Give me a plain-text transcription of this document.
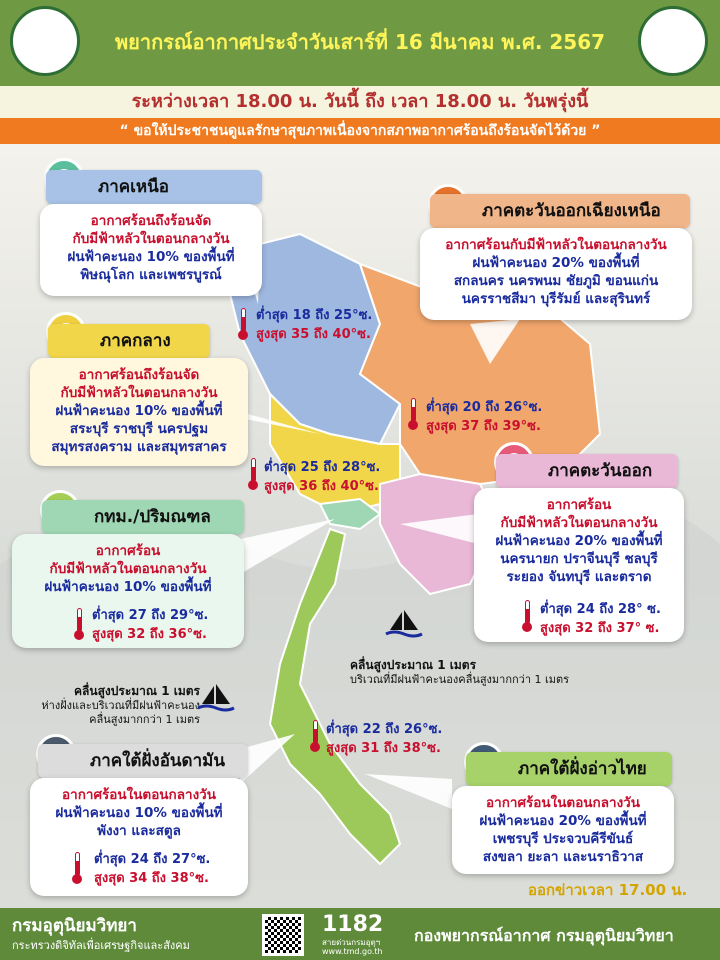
พยากรณ์อากาศประจำวันเสาร์ที่ 16 มีนาคม พ.ศ. 2567
ระหว่างเวลา 18.00 น. วันนี้ ถึง เวลา 18.00 น. วันพรุ่งนี้
“ ขอให้ประชาชนดูแลรักษาสุขภาพเนื่องจากสภาพอากาศร้อนถึงร้อนจัดไว้ด้วย ”
ภาคเหนือ
อากาศร้อนถึงร้อนจัด
กับมีฟ้าหลัวในตอนกลางวัน
ฝนฟ้าคะนอง 10% ของพื้นที่
พิษณุโลก และเพชรบูรณ์
ต่ำสุด 18 ถึง 25°ซ.
สูงสุด 35 ถึง 40°ซ.
ภาคตะวันออกเฉียงเหนือ
อากาศร้อนกับมีฟ้าหลัวในตอนกลางวัน
ฝนฟ้าคะนอง 20% ของพื้นที่
สกลนคร นครพนม ชัยภูมิ ขอนแก่น
นครราชสีมา บุรีรัมย์ และสุรินทร์
ต่ำสุด 20 ถึง 26°ซ.
สูงสุด 37 ถึง 39°ซ.
ภาคกลาง
อากาศร้อนถึงร้อนจัด
กับมีฟ้าหลัวในตอนกลางวัน
ฝนฟ้าคะนอง 10% ของพื้นที่
สระบุรี ราชบุรี นครปฐม
สมุทรสงคราม และสมุทรสาคร
ต่ำสุด 25 ถึง 28°ซ.
สูงสุด 36 ถึง 40°ซ.
ภาคตะวันออก
อากาศร้อน
กับมีฟ้าหลัวในตอนกลางวัน
ฝนฟ้าคะนอง 20% ของพื้นที่
นครนายก ปราจีนบุรี ชลบุรี
ระยอง จันทบุรี และตราด
ต่ำสุด 24 ถึง 28° ซ.
สูงสุด 32 ถึง 37° ซ.
กทม./ปริมณฑล
อากาศร้อน
กับมีฟ้าหลัวในตอนกลางวัน
ฝนฟ้าคะนอง 10% ของพื้นที่
ต่ำสุด 27 ถึง 29°ซ.
สูงสุด 32 ถึง 36°ซ.
คลื่นสูงประมาณ 1 เมตร
บริเวณที่มีฝนฟ้าคะนองคลื่นสูงมากกว่า 1 เมตร
คลื่นสูงประมาณ 1 เมตร
ห่างฝั่งและบริเวณที่มีฝนฟ้าคะนอง
คลื่นสูงมากกว่า 1 เมตร
ต่ำสุด 22 ถึง 26°ซ.
สูงสุด 31 ถึง 38°ซ.
ภาคใต้ฝั่งอันดามัน
อากาศร้อนในตอนกลางวัน
ฝนฟ้าคะนอง 10% ของพื้นที่
พังงา และสตูล
ต่ำสุด 24 ถึง 27°ซ.
สูงสุด 34 ถึง 38°ซ.
ภาคใต้ฝั่งอ่าวไทย
อากาศร้อนในตอนกลางวัน
ฝนฟ้าคะนอง 20% ของพื้นที่
เพชรบุรี ประจวบคีรีขันธ์
สงขลา ยะลา และนราธิวาส
ออกข่าวเวลา 17.00 น.
กรมอุตุนิยมวิทยา
กระทรวงดิจิทัลเพื่อเศรษฐกิจและสังคม
1182
สายด่วนกรมอุตุฯ
www.tmd.go.th
กองพยากรณ์อากาศ กรมอุตุนิยมวิทยา
